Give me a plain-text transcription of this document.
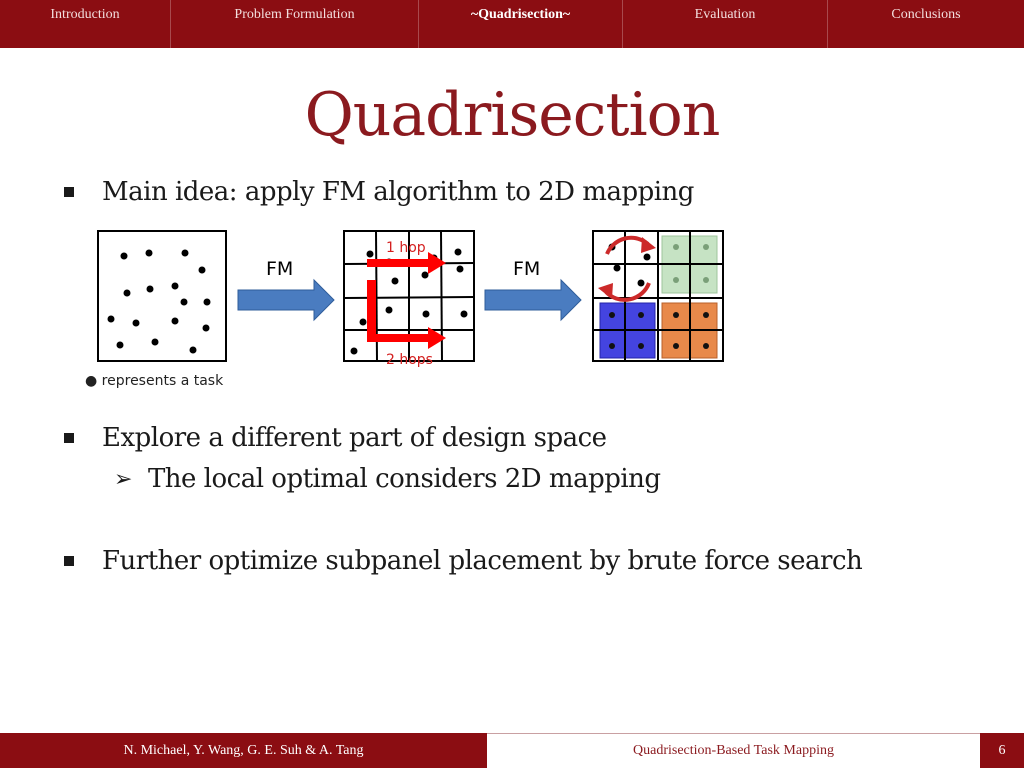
Introduction	Problem Formulation	~Quadrisection~	Evaluation	Conclusions
Quadrisection
Main idea: apply FM algorithm to 2D mapping
● represents a task
FM
1 hop
2 hops
FM
Explore a different part of design space
➢ The local optimal considers 2D mapping
Further optimize subpanel placement by brute force search
N. Michael, Y. Wang, G. E. Suh & A. Tang	Quadrisection-Based Task Mapping	6
